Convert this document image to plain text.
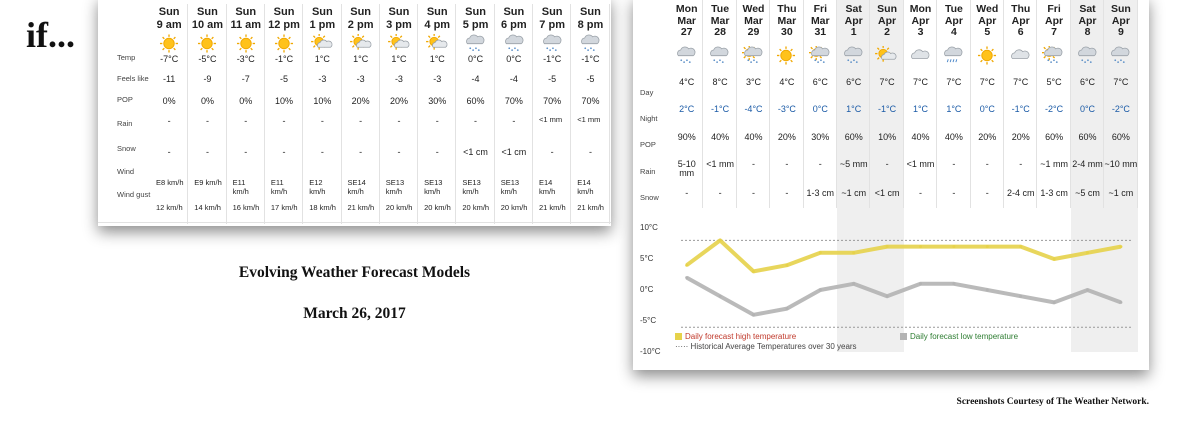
if...
Temp
Feels like
POP
Rain
Snow
Wind
Wind gust
Sun
9 am
-7°C
-11
0%
-
-
E8 km/h
12 km/h
Sun
10 am
-5°C
-9
0%
-
-
E9 km/h
14 km/h
Sun
11 am
-3°C
-7
0%
-
-
E11 km/h
16 km/h
Sun
12 pm
-1°C
-5
10%
-
-
E11 km/h
17 km/h
Sun
1 pm
1°C
-3
10%
-
-
E12 km/h
18 km/h
Sun
2 pm
1°C
-3
20%
-
-
SE14 km/h
21 km/h
Sun
3 pm
1°C
-3
20%
-
-
SE13 km/h
20 km/h
Sun
4 pm
1°C
-3
30%
-
-
SE13 km/h
20 km/h
Sun
5 pm
0°C
-4
60%
-
<1 cm
SE13 km/h
20 km/h
Sun
6 pm
0°C
-4
70%
-
<1 cm
SE13 km/h
20 km/h
Sun
7 pm
-1°C
-5
70%
<1 mm
-
E14 km/h
21 km/h
Sun
8 pm
-1°C
-5
70%
<1 mm
-
E14 km/h
21 km/h
Evolving Weather Forecast Models
March 26, 2017
Day
Night
POP
Rain
Snow
Mon
Mar
27
4°C
2°C
90%
5-10 mm
-
Tue
Mar
28
8°C
-1°C
40%
<1 mm
-
Wed
Mar
29
3°C
-4°C
40%
-
-
Thu
Mar
30
4°C
-3°C
20%
-
-
Fri
Mar
31
6°C
0°C
30%
-
1-3 cm
Sat
Apr
1
6°C
1°C
60%
~5 mm
~1 cm
Sun
Apr
2
7°C
-1°C
10%
-
<1 cm
Mon
Apr
3
7°C
1°C
40%
<1 mm
-
Tue
Apr
4
7°C
1°C
40%
-
-
Wed
Apr
5
7°C
0°C
20%
-
-
Thu
Apr
6
7°C
-1°C
20%
-
2-4 cm
Fri
Apr
7
5°C
-2°C
60%
~1 mm
1-3 cm
Sat
Apr
8
6°C
0°C
60%
2-4 mm
~5 cm
Sun
Apr
9
7°C
-2°C
60%
~10 mm
~1 cm
10°C
5°C
0°C
-5°C
-10°C
Daily forecast high temperature	Daily forecast low temperature
····· Historical Average Temperatures over 30 years
Screenshots Courtesy of The Weather Network.
